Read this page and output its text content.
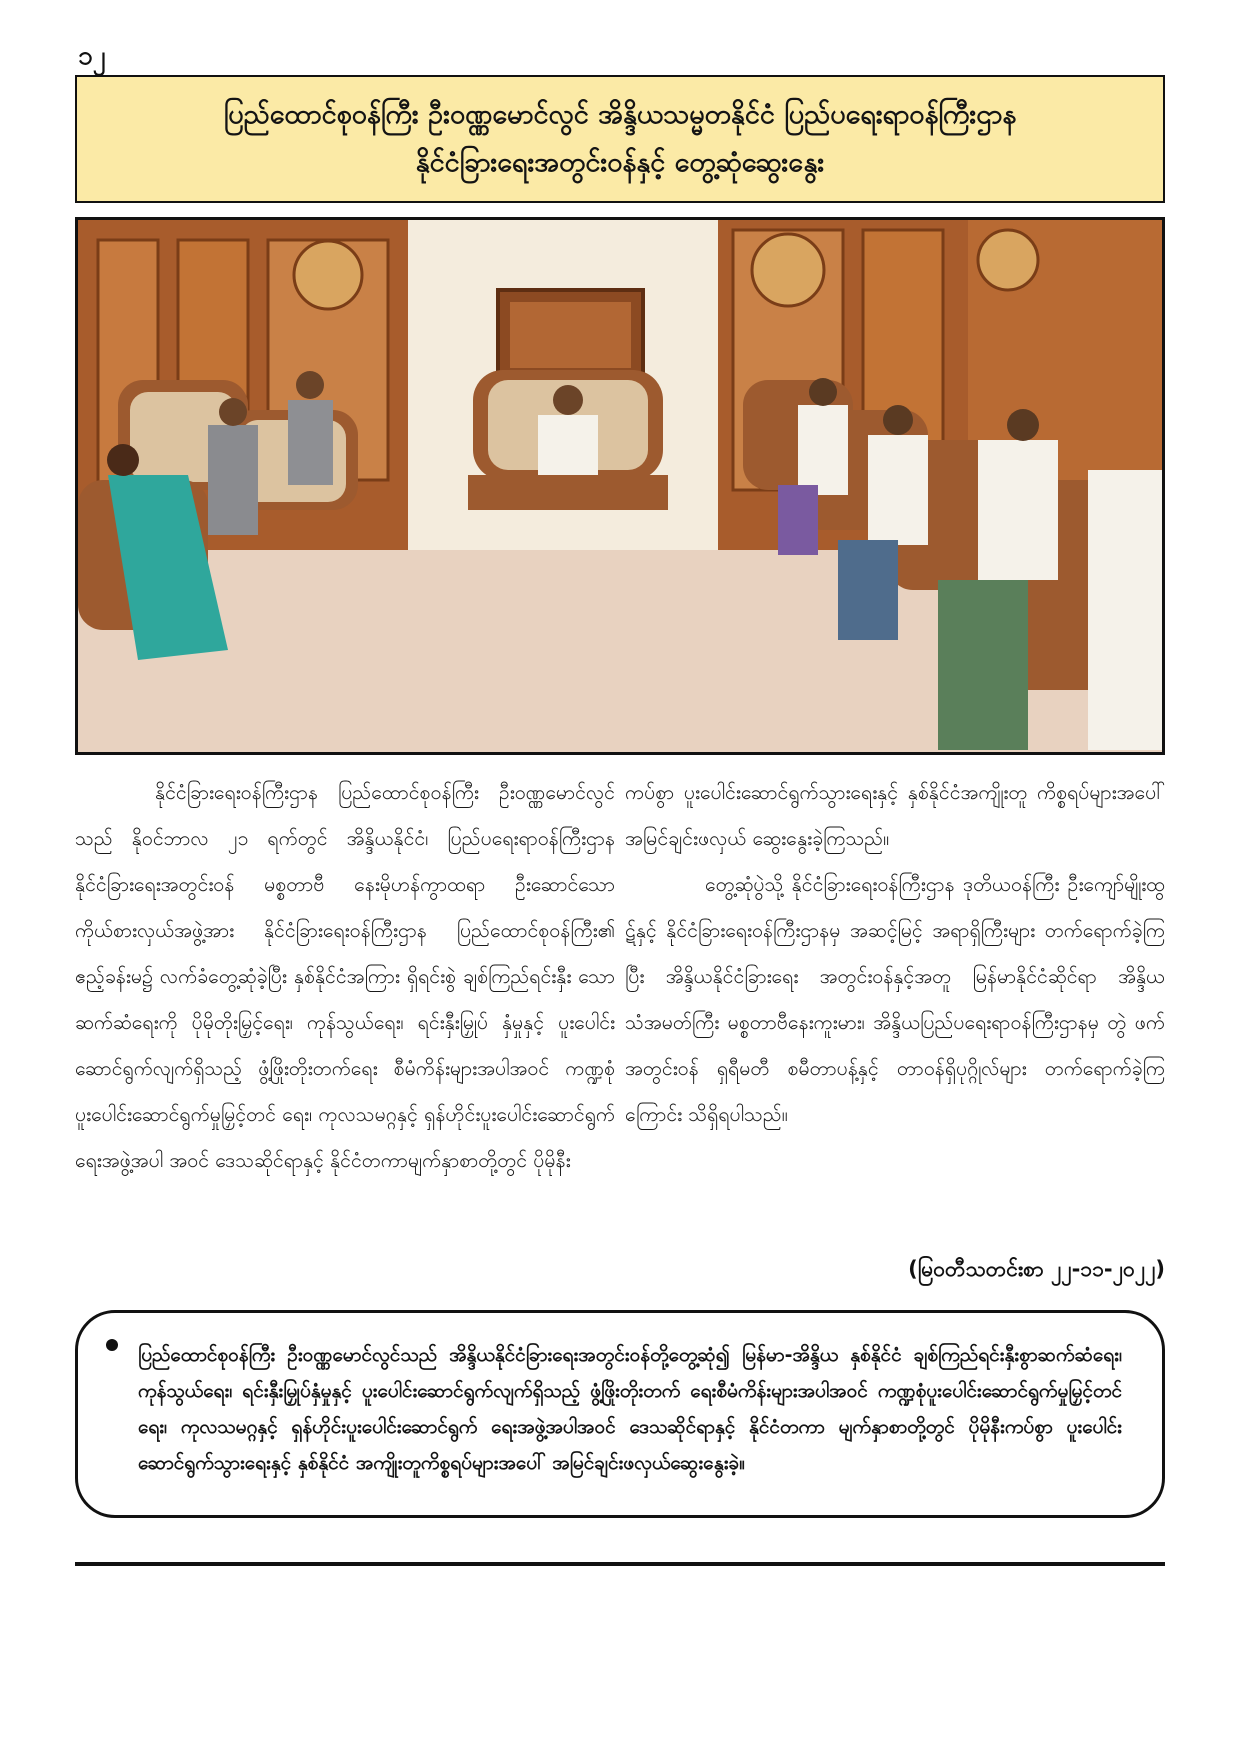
၁၂
ပြည်ထောင်စုဝန်ကြီး ဦးဝဏ္ဏမောင်လွင် အိန္ဒိယသမ္မတနိုင်ငံ ပြည်ပရေးရာဝန်ကြီးဌာန
နိုင်ငံခြားရေးအတွင်းဝန်နှင့် တွေ့ဆုံဆွေးနွေး

နိုင်ငံခြားရေးဝန်ကြီးဌာန ပြည်ထောင်စုဝန်ကြီး ဦးဝဏ္ဏမောင်လွင်သည် နိုဝင်ဘာလ ၂၁ ရက်တွင် အိန္ဒိယနိုင်ငံ၊ ပြည်ပရေးရာဝန်ကြီးဌာန နိုင်ငံခြားရေးအတွင်းဝန် မစ္စတာဗီ နေးမိုဟန်ကွာထရာ ဦးဆောင်သော ကိုယ်စားလှယ်အဖွဲ့အား နိုင်ငံခြားရေးဝန်ကြီးဌာန ပြည်ထောင်စုဝန်ကြီး၏ ဧည့်ခန်းမ၌ လက်ခံတွေ့ဆုံခဲ့ပြီး နှစ်နိုင်ငံအကြား ရှိရင်းစွဲ ချစ်ကြည်ရင်းနှီး သောဆက်ဆံရေးကို ပိုမိုတိုးမြှင့်ရေး၊ ကုန်သွယ်ရေး၊ ရင်းနှီးမြှုပ် နှံမှုနှင့် ပူးပေါင်းဆောင်ရွက်လျက်ရှိသည့် ဖွံ့ဖြိုးတိုးတက်ရေး စီမံကိန်းများအပါအဝင် ကဏ္ဍစုံပူးပေါင်းဆောင်ရွက်မှုမြှင့်တင် ရေး၊ ကုလသမဂ္ဂနှင့် ရှန်ဟိုင်းပူးပေါင်းဆောင်ရွက်ရေးအဖွဲ့အပါ အဝင် ဒေသဆိုင်ရာနှင့် နိုင်ငံတကာမျက်နှာစာတို့တွင် ပိုမိုနီး

ကပ်စွာ ပူးပေါင်းဆောင်ရွက်သွားရေးနှင့် နှစ်နိုင်ငံအကျိုးတူ ကိစ္စရပ်များအပေါ် အမြင်ချင်းဖလှယ် ဆွေးနွေးခဲ့ကြသည်။

တွေ့ဆုံပွဲသို့ နိုင်ငံခြားရေးဝန်ကြီးဌာန ဒုတိယဝန်ကြီး ဦးကျော်မျိုးထွဋ်နှင့် နိုင်ငံခြားရေးဝန်ကြီးဌာနမှ အဆင့်မြင့် အရာရှိကြီးများ တက်ရောက်ခဲ့ကြပြီး အိန္ဒိယနိုင်ငံခြားရေး အတွင်းဝန်နှင့်အတူ မြန်မာနိုင်ငံဆိုင်ရာ အိန္ဒိယသံအမတ်ကြီး မစ္စတာဗီနေးကူးမား၊ အိန္ဒိယပြည်ပရေးရာဝန်ကြီးဌာနမှ တွဲ ဖက်အတွင်းဝန် ရှရီမတီ စမီတာပန့်နှင့် တာဝန်ရှိပုဂ္ဂိုလ်များ တက်ရောက်ခဲ့ကြကြောင်း သိရှိရပါသည်။

(မြဝတီသတင်းစာ ၂၂-၁၁-၂၀၂၂)
ပြည်ထောင်စုဝန်ကြီး ဦးဝဏ္ဏမောင်လွင်သည် အိန္ဒိယနိုင်ငံခြားရေးအတွင်းဝန်တို့တွေ့ဆုံ၍ မြန်မာ-အိန္ဒိယ နှစ်နိုင်ငံ ချစ်ကြည်ရင်းနှီးစွာဆက်ဆံရေး၊ ကုန်သွယ်ရေး၊ ရင်းနှီးမြှုပ်နှံမှုနှင့် ပူးပေါင်းဆောင်ရွက်လျက်ရှိသည့် ဖွံ့ဖြိုးတိုးတက် ရေးစီမံကိန်းများအပါအဝင် ကဏ္ဍစုံပူးပေါင်းဆောင်ရွက်မှုမြှင့်တင်ရေး၊ ကုလသမဂ္ဂနှင့် ရှန်ဟိုင်းပူးပေါင်းဆောင်ရွက် ရေးအဖွဲ့အပါအဝင် ဒေသဆိုင်ရာနှင့် နိုင်ငံတကာ မျက်နှာစာတို့တွင် ပိုမိုနီးကပ်စွာ ပူးပေါင်းဆောင်ရွက်သွားရေးနှင့် နှစ်နိုင်ငံ အကျိုးတူကိစ္စရပ်များအပေါ် အမြင်ချင်းဖလှယ်ဆွေးနွေးခဲ့။
